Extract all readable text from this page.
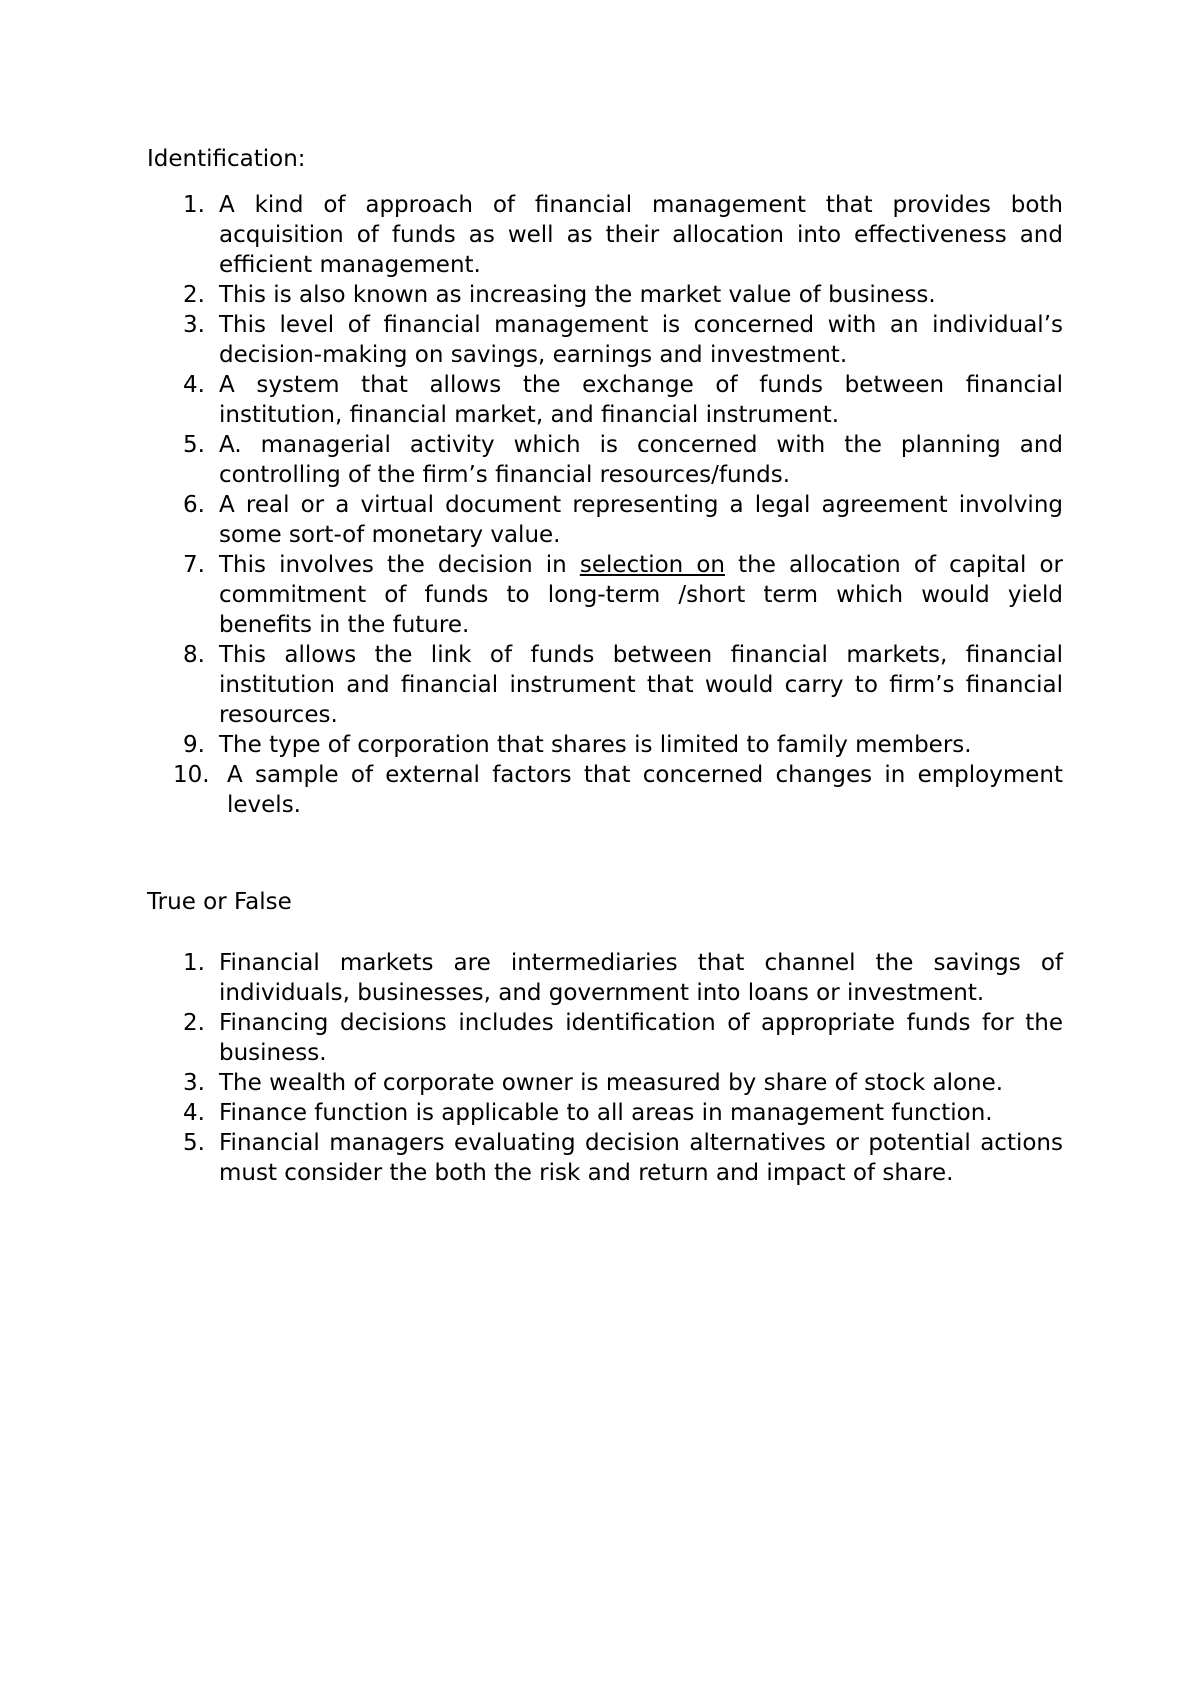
Identification:
1. A kind of approach of financial management that provides both acquisition of funds as well as their allocation into effectiveness and efficient management.
2. This is also known as increasing the market value of business.
3. This level of financial management is concerned with an individual’s decision-making on savings, earnings and investment.
4. A system that allows the exchange of funds between financial institution, financial market, and financial instrument.
5. A. managerial activity which is concerned with the planning and controlling of the firm’s financial resources/funds.
6. A real or a virtual document representing a legal agreement involving some sort-of monetary value.
7. This involves the decision in selection on the allocation of capital or commitment of funds to long-term /short term which would yield benefits in the future.
8. This allows the link of funds between financial markets, financial institution and financial instrument that would carry to firm’s financial resources.
9. The type of corporation that shares is limited to family members.
10. A sample of external factors that concerned changes in employment levels.
True or False
1. Financial markets are intermediaries that channel the savings of individuals, businesses, and government into loans or investment.
2. Financing decisions includes identification of appropriate funds for the business.
3. The wealth of corporate owner is measured by share of stock alone.
4. Finance function is applicable to all areas in management function.
5. Financial managers evaluating decision alternatives or potential actions must consider the both the risk and return and impact of share.
